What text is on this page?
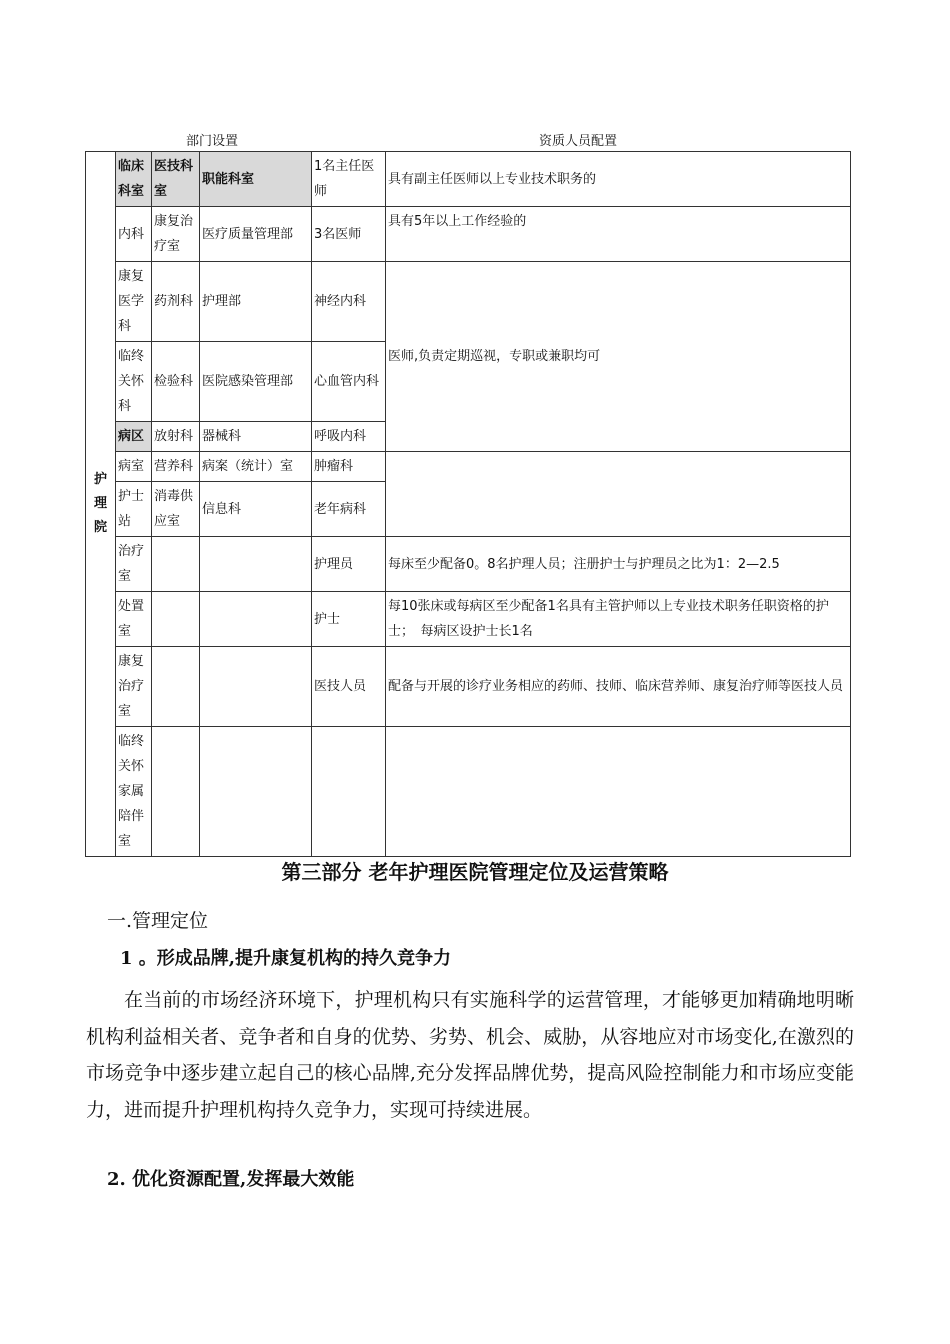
部门设置	资质人员配置
护
理
院	临床科室	医技科室	职能科室	1名主任医师	具有副主任医师以上专业技术职务的
	内科	康复治疗室	医疗质量管理部	3名医师	具有5年以上工作经验的
	康复医学科	药剂科	护理部	神经内科	医师,负责定期巡视，专职或兼职均可
	临终关怀科	检验科	医院感染管理部	心血管内科	
	病区	放射科	器械科	呼吸内科	
	病室	营养科	病案（统计）室	肿瘤科	
	护士站	消毒供应室	信息科	老年病科	
	治疗室			护理员	每床至少配备0。8名护理人员；注册护士与护理员之比为1：2—2.5
	处置室			护士	每10张床或每病区至少配备1名具有主管护师以上专业技术职务任职资格的护士；　每病区设护士长1名
	康复治疗室			医技人员	配备与开展的诊疗业务相应的药师、技师、临床营养师、康复治疗师等医技人员
	临终关怀家属陪伴室				
第三部分 老年护理医院管理定位及运营策略
一.管理定位
1 。形成品牌,提升康复机构的持久竞争力
在当前的市场经济环境下，护理机构只有实施科学的运营管理，才能够更加精确地明晰机构利益相关者、竞争者和自身的优势、劣势、机会、威胁，从容地应对市场变化,在激烈的市场竞争中逐步建立起自己的核心品牌,充分发挥品牌优势，提高风险控制能力和市场应变能力，进而提升护理机构持久竞争力，实现可持续进展。
2. 优化资源配置,发挥最大效能
